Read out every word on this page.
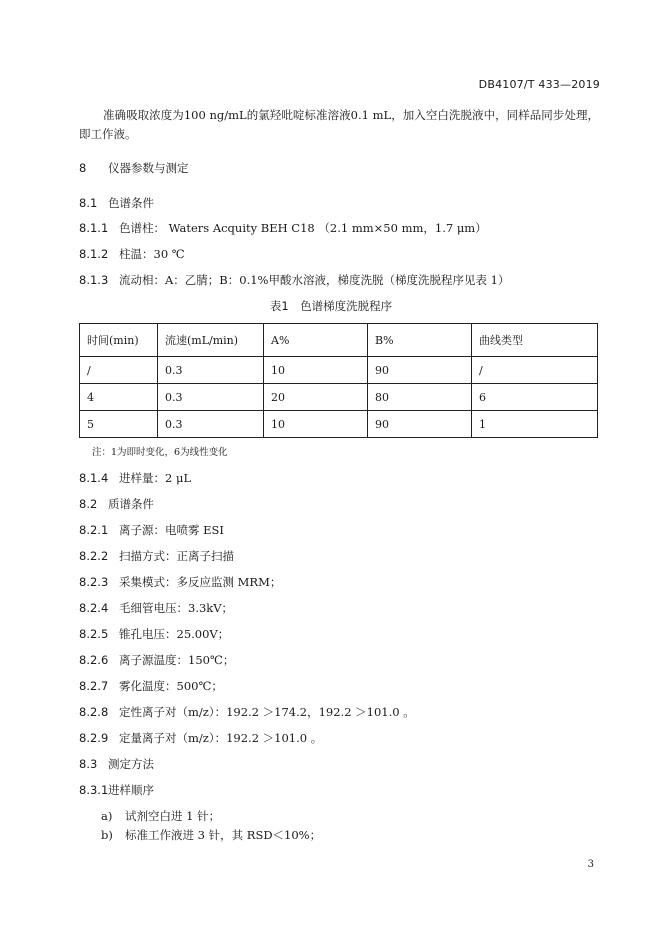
DB4107/T 433—2019
准确吸取浓度为100 ng/mL的氯羟吡啶标准溶液0.1 mL，加入空白洗脱液中，同样品同步处理，即工作液。
8 仪器参数与测定
8.1 色谱条件
8.1.1 色谱柱： Waters Acquity BEH C18 （2.1 mm×50 mm，1.7 μm）
8.1.2 柱温：30 ℃
8.1.3 流动相：A：乙腈；B：0.1%甲酸水溶液，梯度洗脱（梯度洗脱程序见表 1）
表1　色谱梯度洗脱程序
时间(min)	流速(mL/min)	A%	B%	曲线类型
/	0.3	10	90	/
4	0.3	20	80	6
5	0.3	10	90	1
注：1为即时变化，6为线性变化
8.1.4 进样量：2 μL
8.2 质谱条件
8.2.1 离子源：电喷雾 ESI
8.2.2 扫描方式：正离子扫描
8.2.3 采集模式：多反应监测 MRM；
8.2.4 毛细管电压：3.3kV；
8.2.5 锥孔电压：25.00V；
8.2.6 离子源温度：150℃；
8.2.7 雾化温度：500℃；
8.2.8 定性离子对（m/z）：192.2 ＞174.2，192.2 ＞101.0 。
8.2.9 定量离子对（m/z）：192.2 ＞101.0 。
8.3 测定方法
8.3.1进样顺序
a) 试剂空白进 1 针；
b) 标准工作液进 3 针，其 RSD＜10%；
3
